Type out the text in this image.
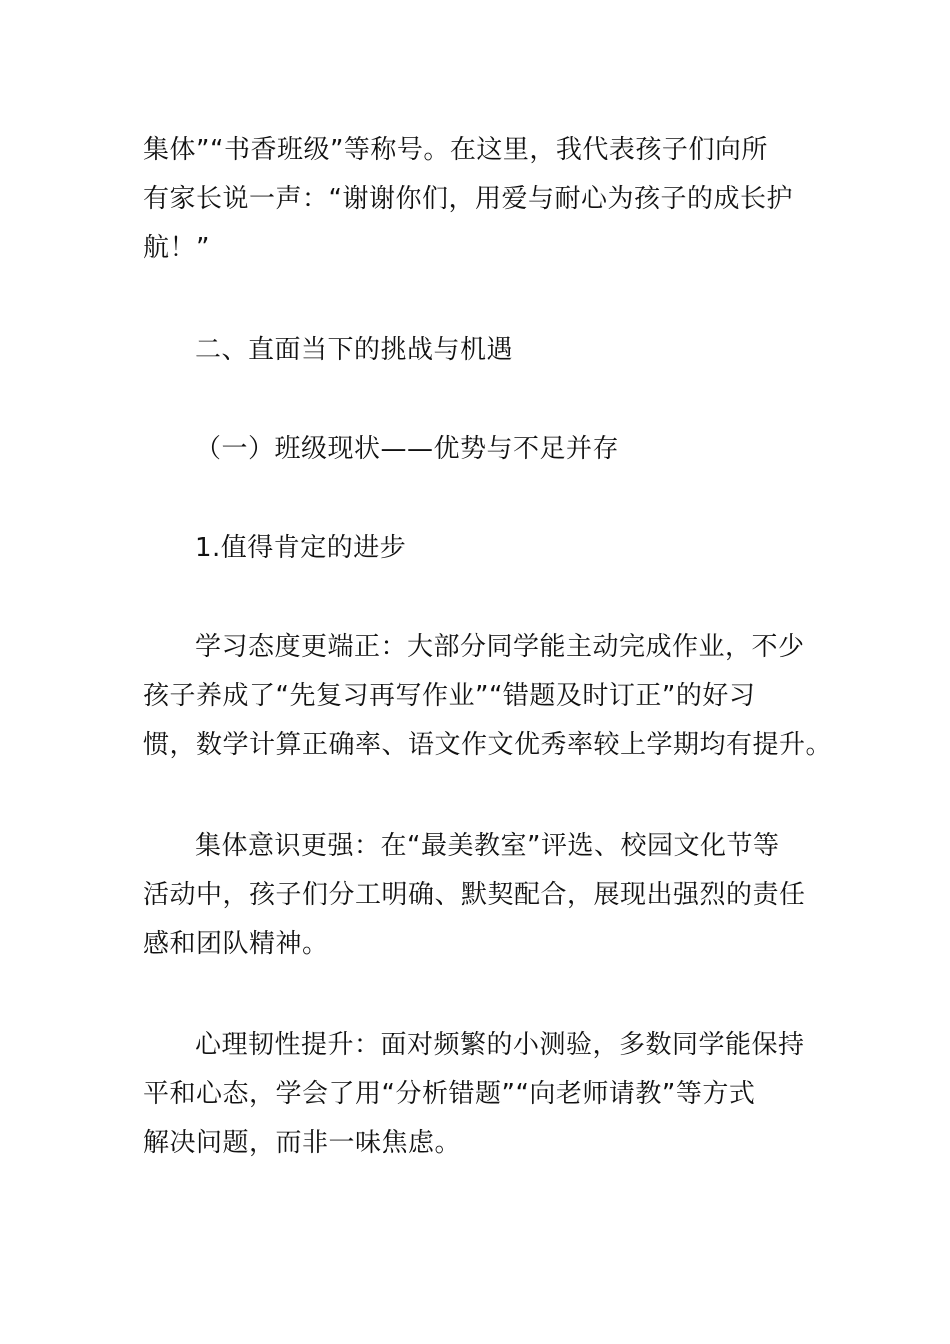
集体”“书香班级”等称号。在这里，我代表孩子们向所
有家长说一声：“谢谢你们，用爱与耐心为孩子的成长护
航！”
二、直面当下的挑战与机遇
（一）班级现状——优势与不足并存
1.值得肯定的进步
学习态度更端正：大部分同学能主动完成作业，不少
孩子养成了“先复习再写作业”“错题及时订正”的好习
惯，数学计算正确率、语文作文优秀率较上学期均有提升。
集体意识更强：在“最美教室”评选、校园文化节等
活动中，孩子们分工明确、默契配合，展现出强烈的责任
感和团队精神。
心理韧性提升：面对频繁的小测验，多数同学能保持
平和心态，学会了用“分析错题”“向老师请教”等方式
解决问题，而非一味焦虑。
